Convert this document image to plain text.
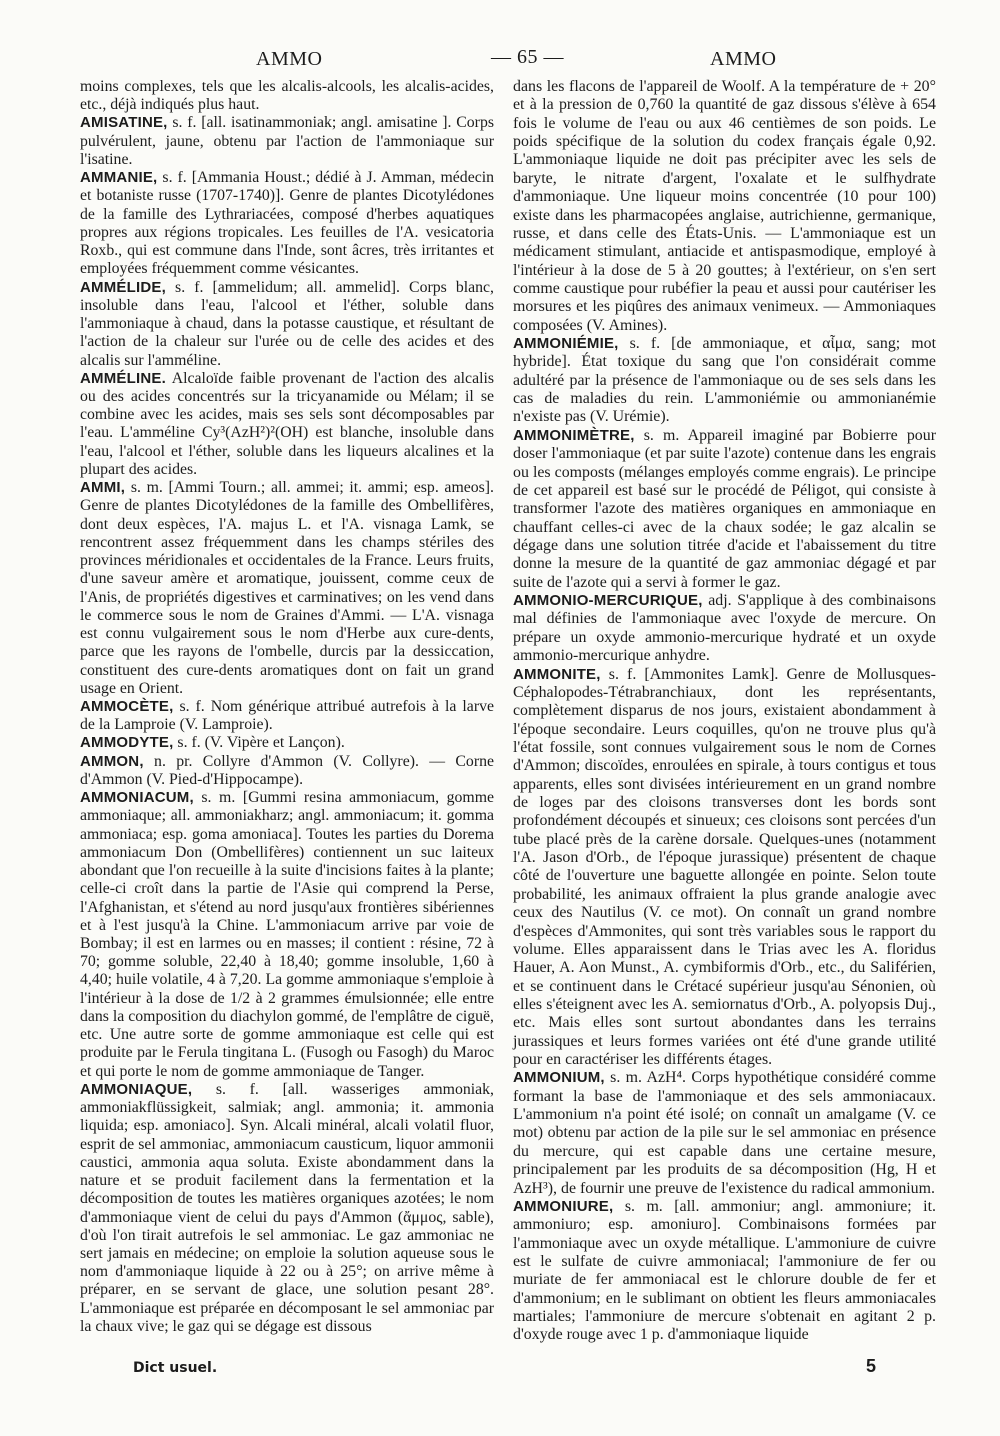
AMMO	— 65 —	AMMO

moins complexes, tels que les alcalis-alcools, les alcalis-acides, etc., déjà indiqués plus haut.

AMISATINE, s. f. [all. isatinammoniak; angl. amisatine ]. Corps pulvérulent, jaune, obtenu par l'action de l'ammoniaque sur l'isatine.

AMMANIE, s. f. [Ammania Houst.; dédié à J. Amman, médecin et botaniste russe (1707-1740)]. Genre de plantes Dicotylédones de la famille des Lythrariacées, composé d'herbes aquatiques propres aux régions tropicales. Les feuilles de l'A. vesicatoria Roxb., qui est commune dans l'Inde, sont âcres, très irritantes et employées fréquemment comme vésicantes.

AMMÉLIDE, s. f. [ammelidum; all. ammelid]. Corps blanc, insoluble dans l'eau, l'alcool et l'éther, soluble dans l'ammoniaque à chaud, dans la potasse caustique, et résultant de l'action de la chaleur sur l'urée ou de celle des acides et des alcalis sur l'amméline.

AMMÉLINE. Alcaloïde faible provenant de l'action des alcalis ou des acides concentrés sur la tricyanamide ou Mélam; il se combine avec les acides, mais ses sels sont décomposables par l'eau. L'amméline Cy³(AzH²)²(OH) est blanche, insoluble dans l'eau, l'alcool et l'éther, soluble dans les liqueurs alcalines et la plupart des acides.

AMMI, s. m. [Ammi Tourn.; all. ammei; it. ammi; esp. ameos]. Genre de plantes Dicotylédones de la famille des Ombellifères, dont deux espèces, l'A. majus L. et l'A. visnaga Lamk, se rencontrent assez fréquemment dans les champs stériles des provinces méridionales et occidentales de la France. Leurs fruits, d'une saveur amère et aromatique, jouissent, comme ceux de l'Anis, de propriétés digestives et carminatives; on les vend dans le commerce sous le nom de Graines d'Ammi. — L'A. visnaga est connu vulgairement sous le nom d'Herbe aux cure-dents, parce que les rayons de l'ombelle, durcis par la dessiccation, constituent des cure-dents aromatiques dont on fait un grand usage en Orient.

AMMOCÈTE, s. f. Nom générique attribué autrefois à la larve de la Lamproie (V. Lamproie).

AMMODYTE, s. f. (V. Vipère et Lançon).

AMMON, n. pr. Collyre d'Ammon (V. Collyre). — Corne d'Ammon (V. Pied-d'Hippocampe).

AMMONIACUM, s. m. [Gummi resina ammoniacum, gomme ammoniaque; all. ammoniakharz; angl. ammoniacum; it. gomma ammoniaca; esp. goma amoniaca]. Toutes les parties du Dorema ammoniacum Don (Ombellifères) contiennent un suc laiteux abondant que l'on recueille à la suite d'incisions faites à la plante; celle-ci croît dans la partie de l'Asie qui comprend la Perse, l'Afghanistan, et s'étend au nord jusqu'aux frontières sibériennes et à l'est jusqu'à la Chine. L'ammoniacum arrive par voie de Bombay; il est en larmes ou en masses; il contient : résine, 72 à 70; gomme soluble, 22,40 à 18,40; gomme insoluble, 1,60 à 4,40; huile volatile, 4 à 7,20. La gomme ammoniaque s'emploie à l'intérieur à la dose de 1/2 à 2 grammes émulsionnée; elle entre dans la composition du diachylon gommé, de l'emplâtre de ciguë, etc. Une autre sorte de gomme ammoniaque est celle qui est produite par le Ferula tingitana L. (Fusogh ou Fasogh) du Maroc et qui porte le nom de gomme ammoniaque de Tanger.

AMMONIAQUE, s. f. [all. wasseriges ammoniak, ammoniakflüssigkeit, salmiak; angl. ammonia; it. ammonia liquida; esp. amoniaco]. Syn. Alcali minéral, alcali volatil fluor, esprit de sel ammoniac, ammoniacum causticum, liquor ammonii caustici, ammonia aqua soluta. Existe abondamment dans la nature et se produit facilement dans la fermentation et la décomposition de toutes les matières organiques azotées; le nom d'ammoniaque vient de celui du pays d'Ammon (ἄμμος, sable), d'où l'on tirait autrefois le sel ammoniac. Le gaz ammoniac ne sert jamais en médecine; on emploie la solution aqueuse sous le nom d'ammoniaque liquide à 22 ou à 25°; on arrive même à préparer, en se servant de glace, une solution pesant 28°. L'ammoniaque est préparée en décomposant le sel ammoniac par la chaux vive; le gaz qui se dégage est dissous

dans les flacons de l'appareil de Woolf. A la température de + 20° et à la pression de 0,760 la quantité de gaz dissous s'élève à 654 fois le volume de l'eau ou aux 46 centièmes de son poids. Le poids spécifique de la solution du codex français égale 0,92. L'ammoniaque liquide ne doit pas précipiter avec les sels de baryte, le nitrate d'argent, l'oxalate et le sulfhydrate d'ammoniaque. Une liqueur moins concentrée (10 pour 100) existe dans les pharmacopées anglaise, autrichienne, germanique, russe, et dans celle des États-Unis. — L'ammoniaque est un médicament stimulant, antiacide et antispasmodique, employé à l'intérieur à la dose de 5 à 20 gouttes; à l'extérieur, on s'en sert comme caustique pour rubéfier la peau et aussi pour cautériser les morsures et les piqûres des animaux venimeux. — Ammoniaques composées (V. Amines).

AMMONIÉMIE, s. f. [de ammoniaque, et αἷμα, sang; mot hybride]. État toxique du sang que l'on considérait comme adultéré par la présence de l'ammoniaque ou de ses sels dans les cas de maladies du rein. L'ammoniémie ou ammonianémie n'existe pas (V. Urémie).

AMMONIMÈTRE, s. m. Appareil imaginé par Bobierre pour doser l'ammoniaque (et par suite l'azote) contenue dans les engrais ou les composts (mélanges employés comme engrais). Le principe de cet appareil est basé sur le procédé de Péligot, qui consiste à transformer l'azote des matières organiques en ammoniaque en chauffant celles-ci avec de la chaux sodée; le gaz alcalin se dégage dans une solution titrée d'acide et l'abaissement du titre donne la mesure de la quantité de gaz ammoniac dégagé et par suite de l'azote qui a servi à former le gaz.

AMMONIO-MERCURIQUE, adj. S'applique à des combinaisons mal définies de l'ammoniaque avec l'oxyde de mercure. On prépare un oxyde ammonio-mercurique hydraté et un oxyde ammonio-mercurique anhydre.

AMMONITE, s. f. [Ammonites Lamk]. Genre de Mollusques-Céphalopodes-Tétrabranchiaux, dont les représentants, complètement disparus de nos jours, existaient abondamment à l'époque secondaire. Leurs coquilles, qu'on ne trouve plus qu'à l'état fossile, sont connues vulgairement sous le nom de Cornes d'Ammon; discoïdes, enroulées en spirale, à tours contigus et tous apparents, elles sont divisées intérieurement en un grand nombre de loges par des cloisons transverses dont les bords sont profondément découpés et sinueux; ces cloisons sont percées d'un tube placé près de la carène dorsale. Quelques-unes (notamment l'A. Jason d'Orb., de l'époque jurassique) présentent de chaque côté de l'ouverture une baguette allongée en pointe. Selon toute probabilité, les animaux offraient la plus grande analogie avec ceux des Nautilus (V. ce mot). On connaît un grand nombre d'espèces d'Ammonites, qui sont très variables sous le rapport du volume. Elles apparaissent dans le Trias avec les A. floridus Hauer, A. Aon Munst., A. cymbiformis d'Orb., etc., du Saliférien, et se continuent dans le Crétacé supérieur jusqu'au Sénonien, où elles s'éteignent avec les A. semiornatus d'Orb., A. polyopsis Duj., etc. Mais elles sont surtout abondantes dans les terrains jurassiques et leurs formes variées ont été d'une grande utilité pour en caractériser les différents étages.

AMMONIUM, s. m. AzH⁴. Corps hypothétique considéré comme formant la base de l'ammoniaque et des sels ammoniacaux. L'ammonium n'a point été isolé; on connaît un amalgame (V. ce mot) obtenu par action de la pile sur le sel ammoniac en présence du mercure, qui est capable dans une certaine mesure, principalement par les produits de sa décomposition (Hg, H et AzH³), de fournir une preuve de l'existence du radical ammonium.

AMMONIURE, s. m. [all. ammoniur; angl. ammoniure; it. ammoniuro; esp. amoniuro]. Combinaisons formées par l'ammoniaque avec un oxyde métallique. L'ammoniure de cuivre est le sulfate de cuivre ammoniacal; l'ammoniure de fer ou muriate de fer ammoniacal est le chlorure double de fer et d'ammonium; en le sublimant on obtient les fleurs ammoniacales martiales; l'ammoniure de mercure s'obtenait en agitant 2 p. d'oxyde rouge avec 1 p. d'ammoniaque liquide

Dict usuel.	5
